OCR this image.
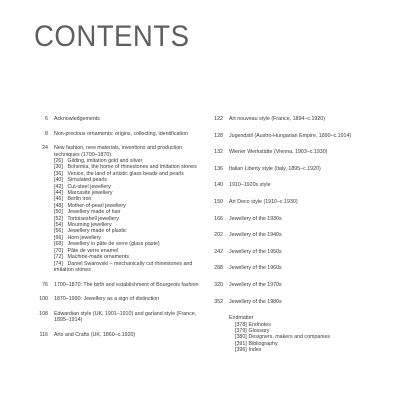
CONTENTS
6	Acknowledgements
8	Non-precious ornaments: origins, collecting, identification
24	New fashion, new materials, inventions and production techniques (1700–1870)
[26] Gilding, imitation gold and silver
[30] Bohemia, the home of rhinestones and imitation stones
[36] Venice, the land of artistic glass beads and pearls
[40] Simulated pearls
[42] Cut-steel jewellery
[44] Marcasite jewellery
[46] Berlin iron
[48] Mother-of-pearl jewellery
[50] Jewellery made of hair
[52] Tortoiseshell jewellery
[54] Mourning jewellery
[56] Jewellery made of plastic
[66] Horn jewellery
[68] Jewellery in pâte de verre (glass paste)
[70] Pâte de verre enamel
[72] Machine-made ornaments
[74] Daniel Swarovski – mechanically cut rhinestones and imitation stones
76	1700–1870: The birth and establishment of Bourgeois fashion
100	1870–1990: Jewellery as a sign of distinction
108	Edwardian style (UK, 1901–1910) and garland style (France, 1895–1914)
116	Arts and Crafts (UK, 1860–c.1920)
122	Art nouveau style (France, 1894–c.1920)
128	Jugendstil (Austro-Hungarian Empire, 1890–c.1914)
132	Wiener Werkstätte (Vienna, 1903–c.1930)
136	Italian Liberty style (Italy, 1895–c.1920)
140	1910–1920s style
150	Art Deco style (1910–c.1930)
166	Jewellery of the 1930s
202	Jewellery of the 1940s
242	Jewellery of the 1950s
288	Jewellery of the 1960s
320	Jewellery of the 1970s
352	Jewellery of the 1980s
Endmatter
[378] Endnotes
[379] Glossary
[380] Designers, makers and companies
[391] Bibliography
[396] Index
